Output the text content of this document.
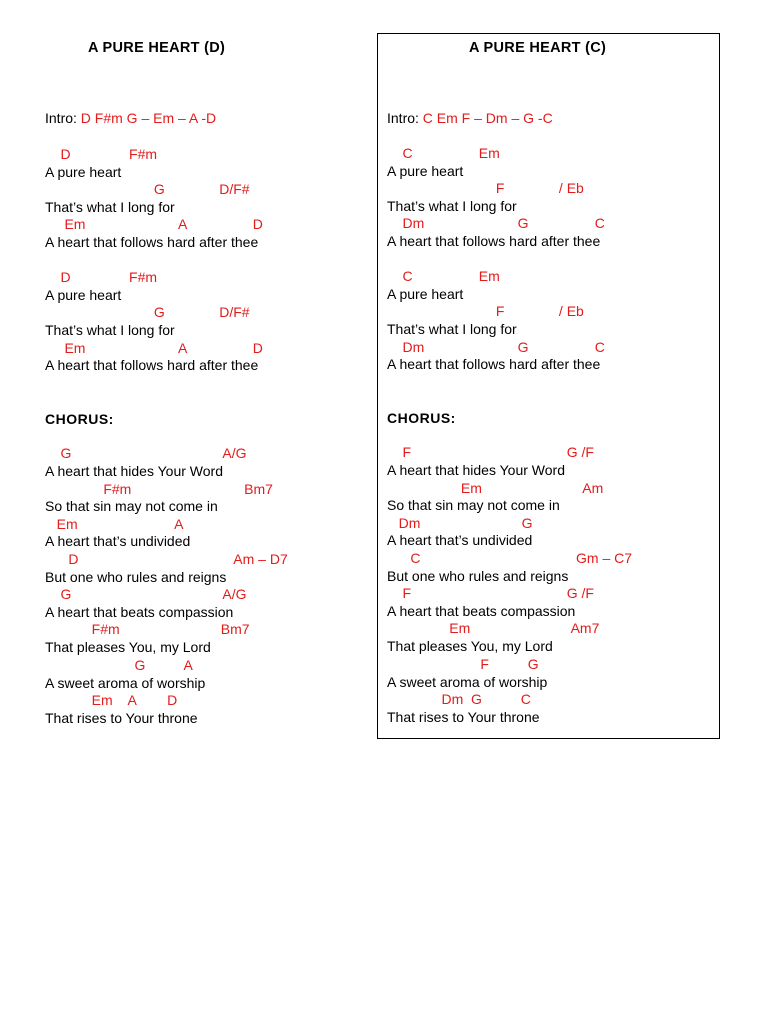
A PURE HEART (D)
Intro: D F#m G – Em – A -D
CHORUS:
D               F#m
A pure heart
G              D/F#
That’s what I long for
Em                        A                 D
A heart that follows hard after thee
D               F#m
A pure heart
G              D/F#
That’s what I long for
Em                        A                 D
A heart that follows hard after thee
G                                       A/G
A heart that hides Your Word
F#m                             Bm7
So that sin may not come in
Em                         A
A heart that’s undivided
D                                        Am – D7
But one who rules and reigns
G                                       A/G
A heart that beats compassion
F#m                          Bm7
That pleases You, my Lord
G          A
A sweet aroma of worship
Em    A        D
That rises to Your throne
A PURE HEART (C)
Intro: C Em F – Dm – G -C
CHORUS:
C                 Em
A pure heart
F              / Eb
That’s what I long for
Dm                        G                 C
A heart that follows hard after thee
C                 Em
A pure heart
F              / Eb
That’s what I long for
Dm                        G                 C
A heart that follows hard after thee
F                                        G /F
A heart that hides Your Word
Em                          Am
So that sin may not come in
Dm                          G
A heart that’s undivided
C                                        Gm – C7
But one who rules and reigns
F                                        G /F
A heart that beats compassion
Em                          Am7
That pleases You, my Lord
F          G
A sweet aroma of worship
Dm  G          C
That rises to Your throne
